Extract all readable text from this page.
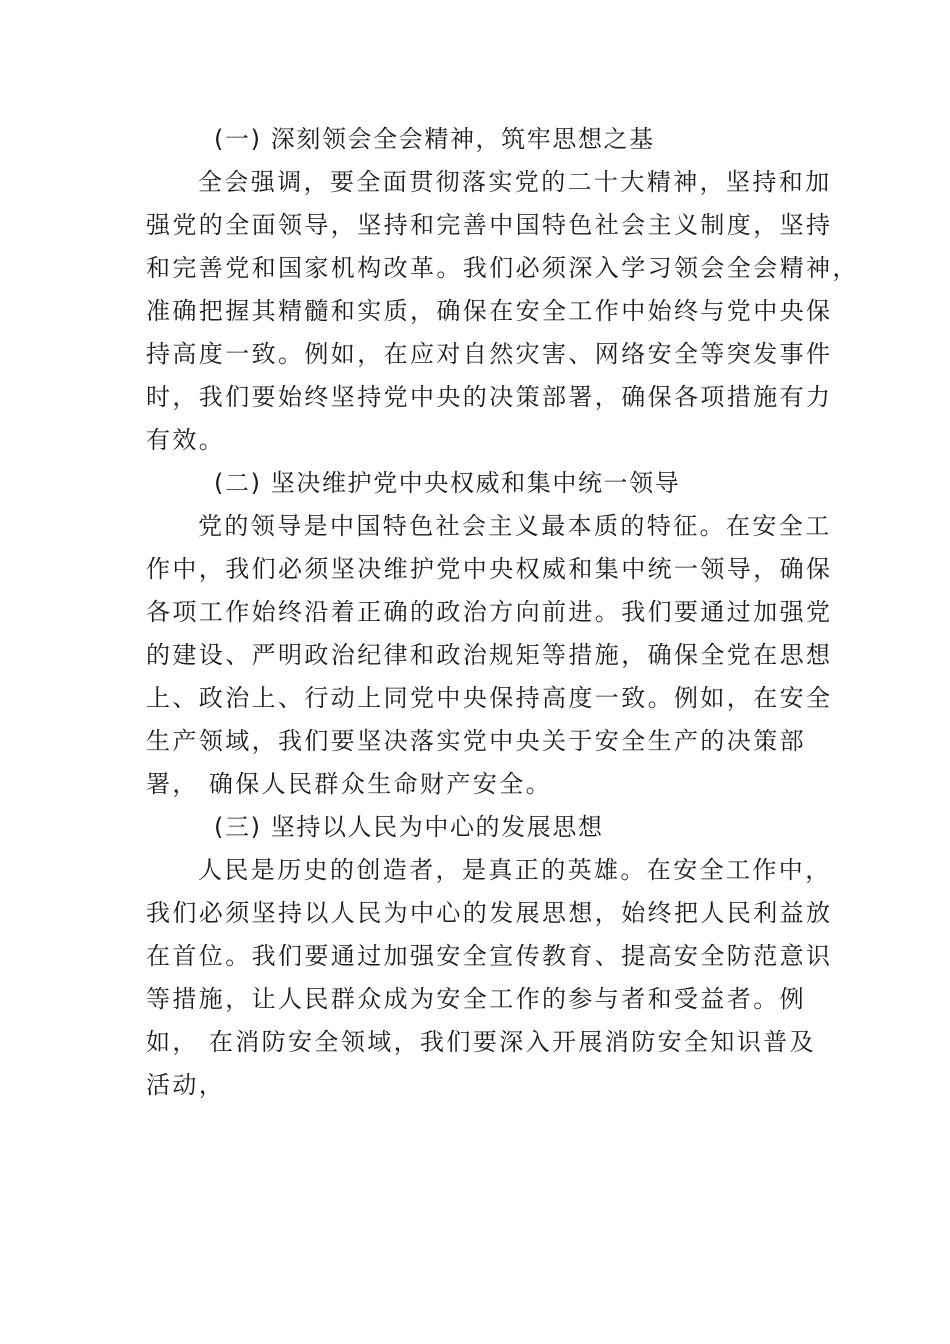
(一) 深刻领会全会精神，筑牢思想之基
全会强调，要全面贯彻落实党的二十大精神，坚持和加
强党的全面领导，坚持和完善中国特色社会主义制度，坚持
和完善党和国家机构改革。我们必须深入学习领会全会精神，
准确把握其精髓和实质，确保在安全工作中始终与党中央保
持高度一致。例如，在应对自然灾害、网络安全等突发事件
时，我们要始终坚持党中央的决策部署，确保各项措施有力
有效。
(二) 坚决维护党中央权威和集中统一领导
党的领导是中国特色社会主义最本质的特征。在安全工
作中，我们必须坚决维护党中央权威和集中统一领导，确保
各项工作始终沿着正确的政治方向前进。我们要通过加强党
的建设、严明政治纪律和政治规矩等措施，确保全党在思想
上、政治上、行动上同党中央保持高度一致。例如，在安全
生产领域，我们要坚决落实党中央关于安全生产的决策部
署， 确保人民群众生命财产安全。
(三) 坚持以人民为中心的发展思想
人民是历史的创造者，是真正的英雄。在安全工作中，
我们必须坚持以人民为中心的发展思想，始终把人民利益放
在首位。我们要通过加强安全宣传教育、提高安全防范意识
等措施，让人民群众成为安全工作的参与者和受益者。例
如， 在消防安全领域，我们要深入开展消防安全知识普及
活动，
